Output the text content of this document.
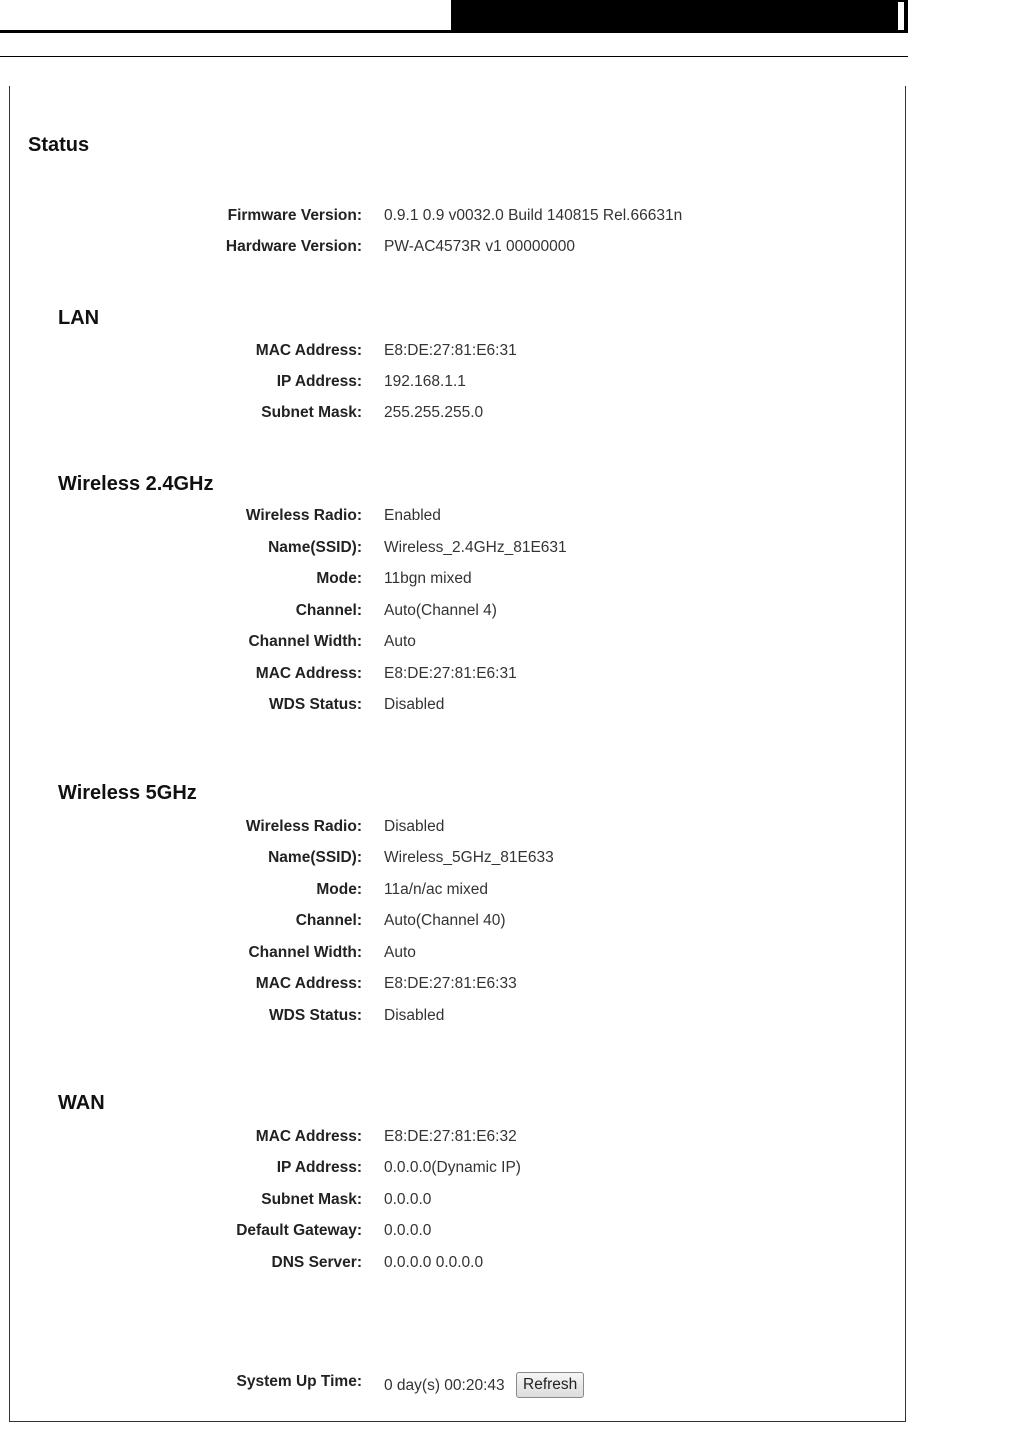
Status
Firmware Version: 0.9.1 0.9 v0032.0 Build 140815 Rel.66631n
Hardware Version: PW-AC4573R v1 00000000
LAN
MAC Address: E8:DE:27:81:E6:31
IP Address: 192.168.1.1
Subnet Mask: 255.255.255.0
Wireless 2.4GHz
Wireless Radio: Enabled
Name(SSID): Wireless_2.4GHz_81E631
Mode: 11bgn mixed
Channel: Auto(Channel 4)
Channel Width: Auto
MAC Address: E8:DE:27:81:E6:31
WDS Status: Disabled
Wireless 5GHz
Wireless Radio: Disabled
Name(SSID): Wireless_5GHz_81E633
Mode: 11a/n/ac mixed
Channel: Auto(Channel 40)
Channel Width: Auto
MAC Address: E8:DE:27:81:E6:33
WDS Status: Disabled
WAN
MAC Address: E8:DE:27:81:E6:32
IP Address: 0.0.0.0(Dynamic IP)
Subnet Mask: 0.0.0.0
Default Gateway: 0.0.0.0
DNS Server: 0.0.0.0 0.0.0.0
System Up Time: 0 day(s) 00:20:43	Refresh
